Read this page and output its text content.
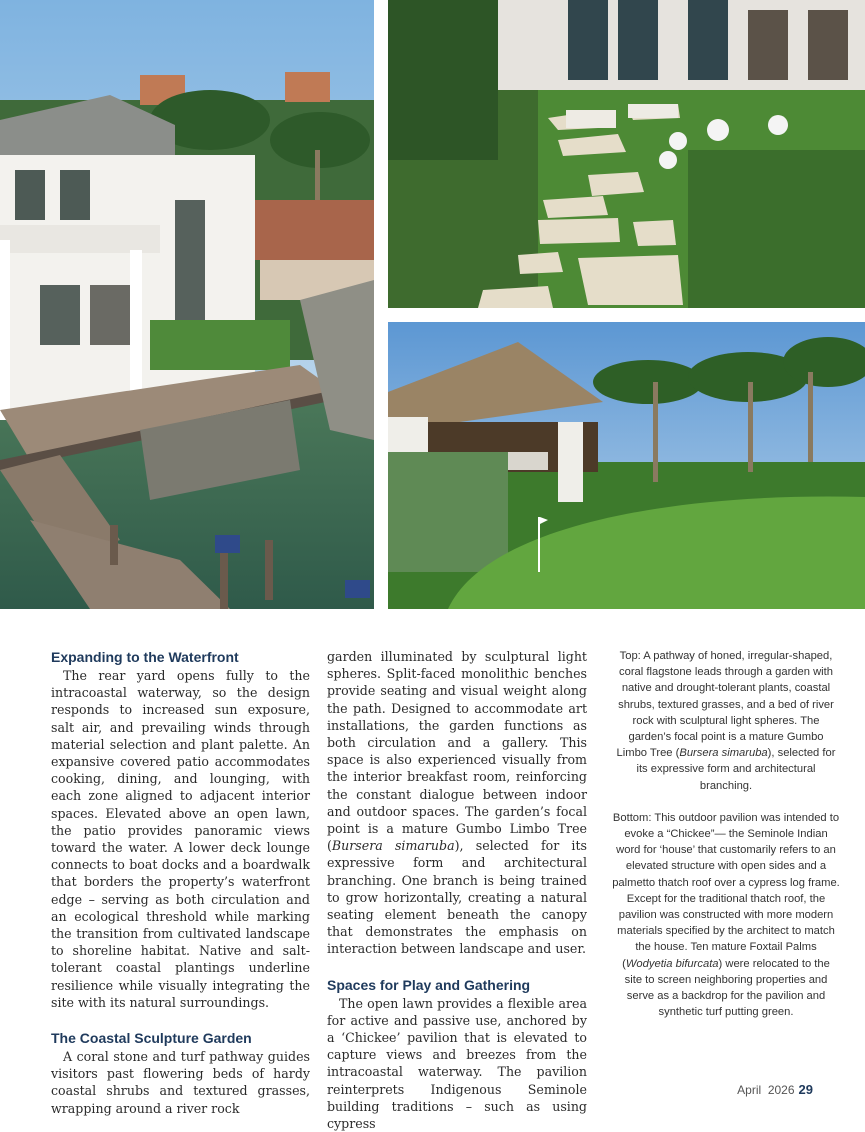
Expanding to the Waterfront

The rear yard opens fully to the intracoastal waterway, so the design responds to increased sun exposure, salt air, and prevailing winds through material selection and plant palette. An expansive covered patio accommodates cooking, dining, and lounging, with each zone aligned to adjacent interior spaces. Elevated above an open lawn, the patio provides panoramic views toward the water. A lower deck lounge connects to boat docks and a boardwalk that borders the property’s waterfront edge – serving as both circulation and an ecological threshold while marking the transition from cultivated landscape to shoreline habitat. Native and salt-tolerant coastal plantings underline resilience while visually integrating the site with its natural surroundings.

The Coastal Sculpture Garden

A coral stone and turf pathway guides visitors past flowering beds of hardy coastal shrubs and textured grasses, wrapping around a river rock

garden illuminated by sculptural light spheres. Split-faced monolithic benches provide seating and visual weight along the path. Designed to accommodate art installations, the garden functions as both circulation and a gallery. This space is also experienced visually from the interior breakfast room, reinforcing the constant dialogue between indoor and outdoor spaces. The garden’s focal point is a mature Gumbo Limbo Tree (Bursera simaruba), selected for its expressive form and architectural branching. One branch is being trained to grow horizontally, creating a natural seating element beneath the canopy that demonstrates the emphasis on interaction between landscape and user.

Spaces for Play and Gathering

The open lawn provides a flexible area for active and passive use, anchored by a ‘Chickee’ pavilion that is elevated to capture views and breezes from the intracoastal waterway. The pavilion reinterprets Indigenous Seminole building traditions – such as using cypress

Top: A pathway of honed, irregular-shaped, coral flagstone leads through a garden with native and drought-tolerant plants, coastal shrubs, textured grasses, and a bed of river rock with sculptural light spheres. The garden’s focal point is a mature Gumbo Limbo Tree (Bursera simaruba), selected for its expressive form and architectural branching.

Bottom: This outdoor pavilion was intended to evoke a “Chickee”— the Seminole Indian word for ‘house’ that customarily refers to an elevated structure with open sides and a palmetto thatch roof over a cypress log frame. Except for the traditional thatch roof, the pavilion was constructed with more modern materials specified by the architect to match the house. Ten mature Foxtail Palms (Wodyetia bifurcata) were relocated to the site to screen neighboring properties and serve as a backdrop for the pavilion and synthetic turf putting green.

April  2026 29
